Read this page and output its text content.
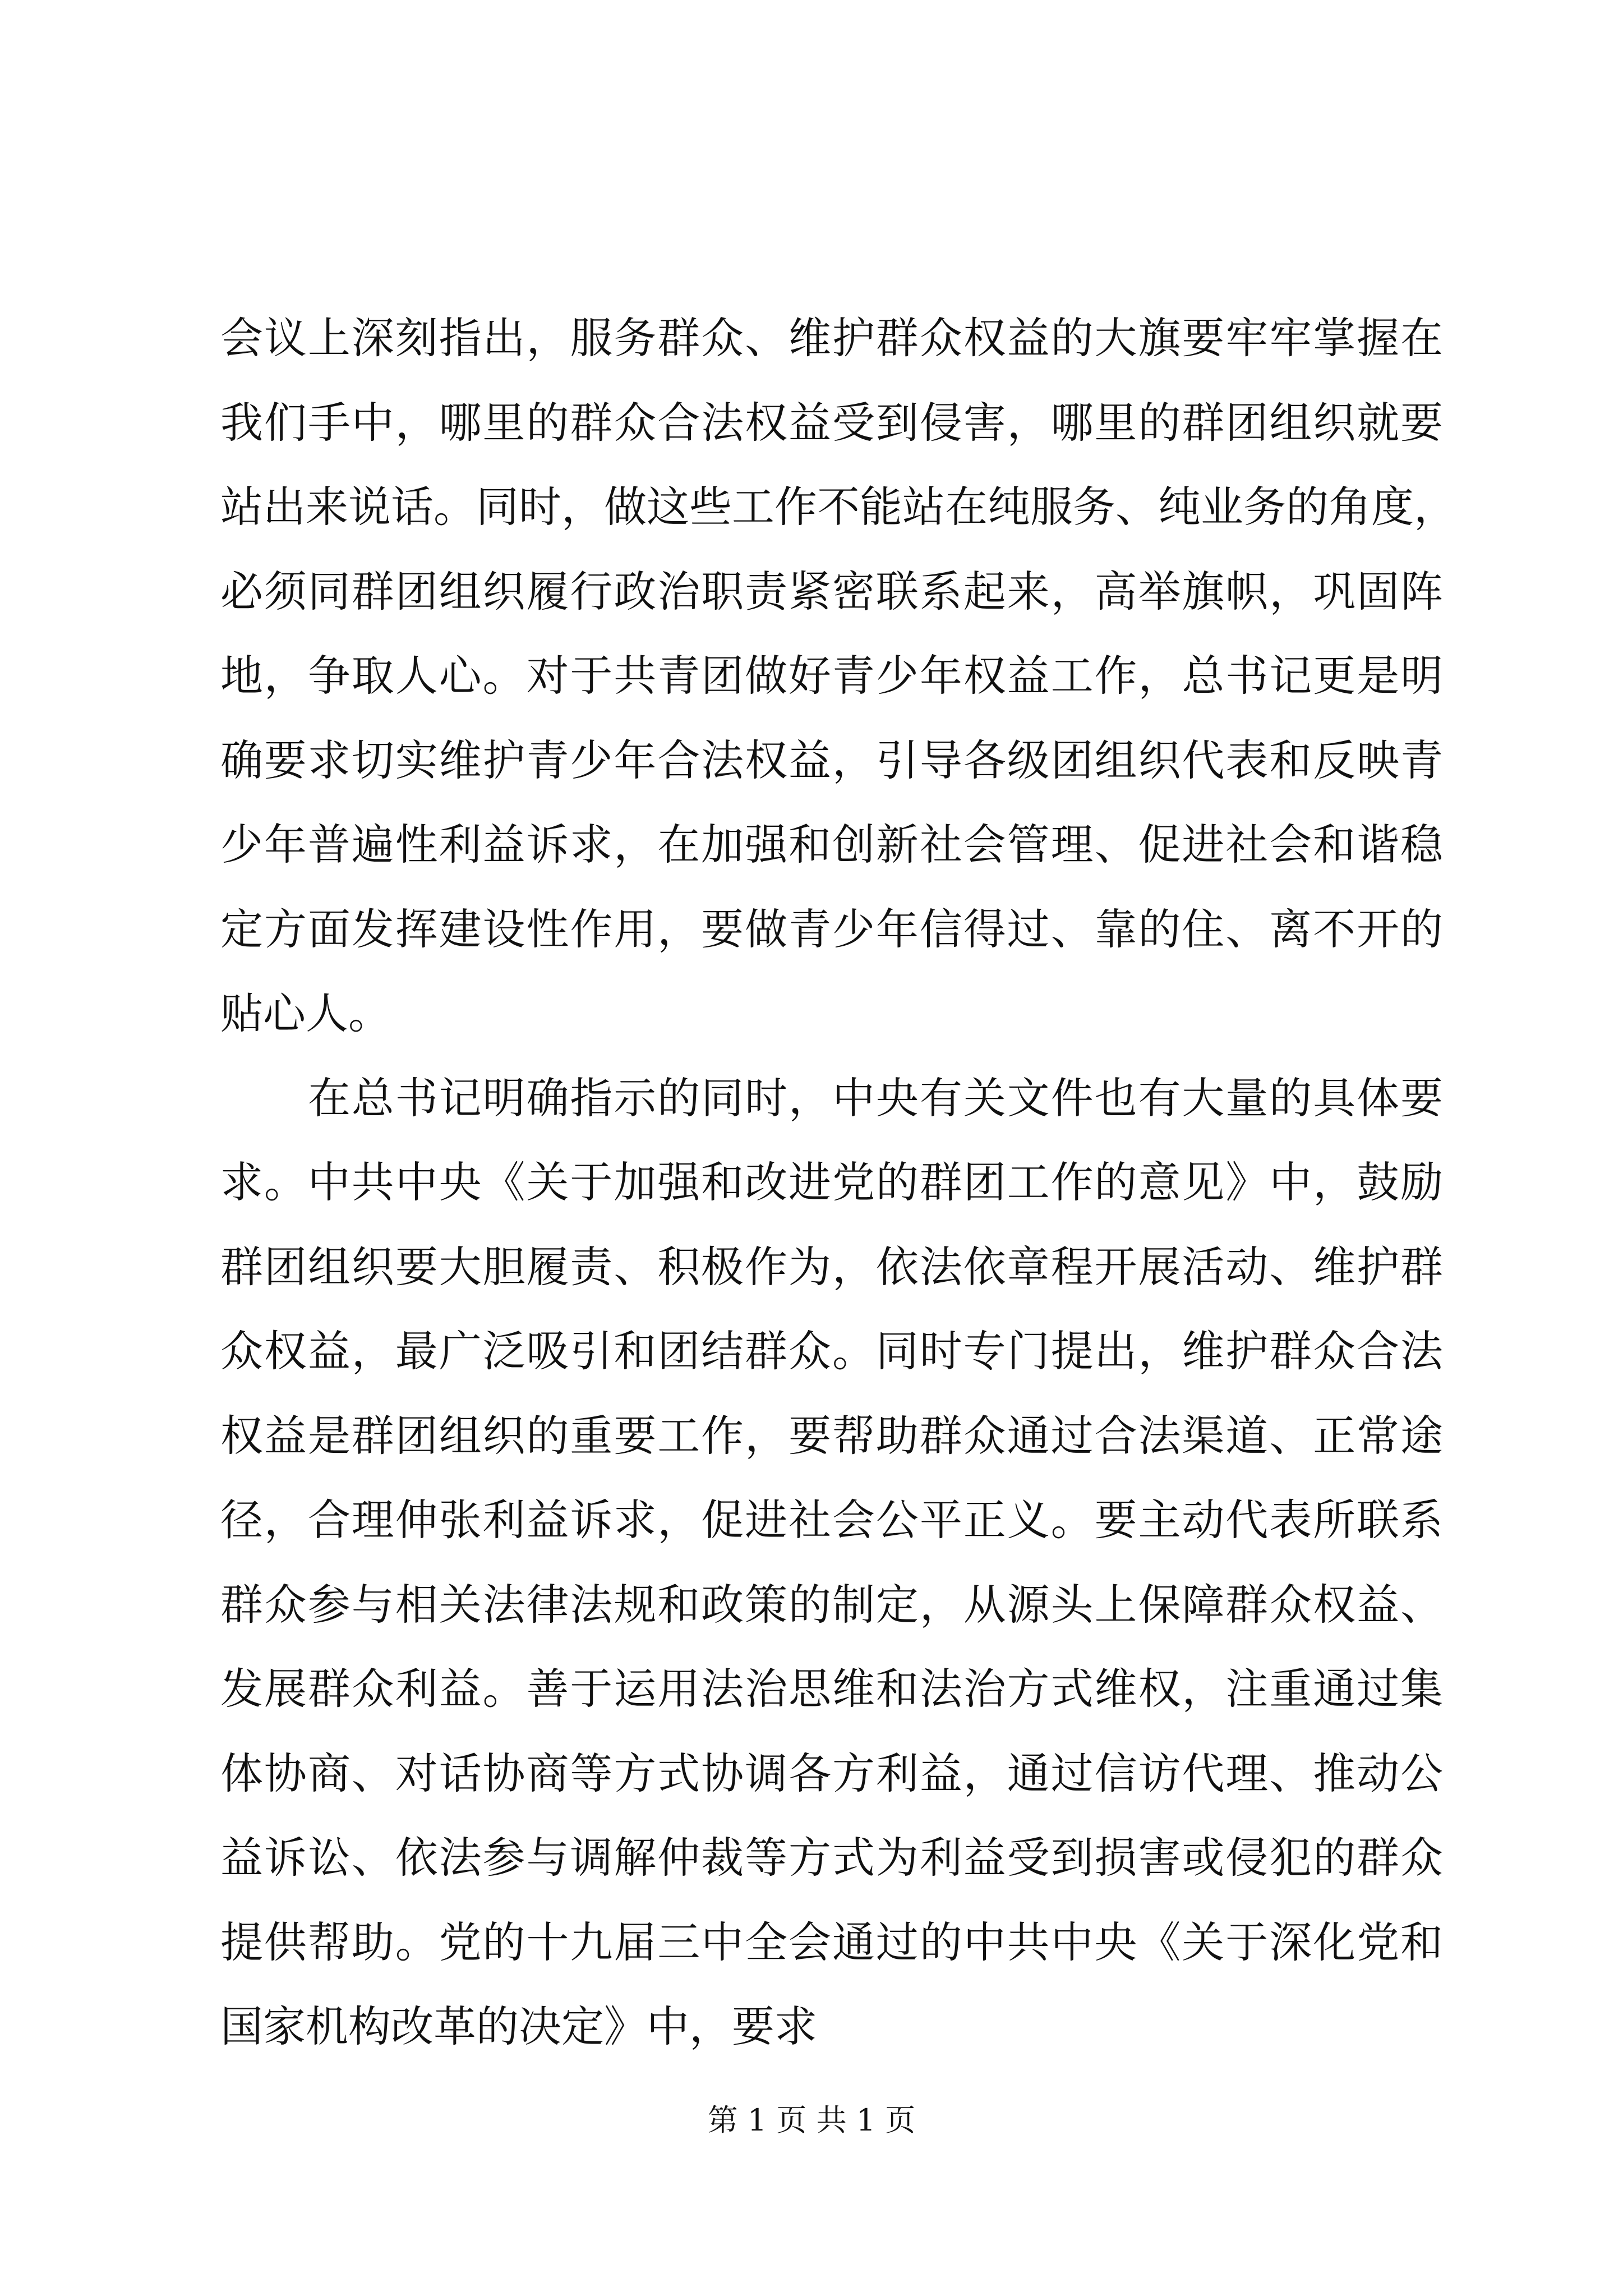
会议上深刻指出，服务群众、维护群众权益的大旗要牢牢掌握在
我们手中，哪里的群众合法权益受到侵害，哪里的群团组织就要
站出来说话。同时，做这些工作不能站在纯服务、纯业务的角度，
必须同群团组织履行政治职责紧密联系起来，高举旗帜，巩固阵
地，争取人心。对于共青团做好青少年权益工作，总书记更是明
确要求切实维护青少年合法权益，引导各级团组织代表和反映青
少年普遍性利益诉求，在加强和创新社会管理、促进社会和谐稳
定方面发挥建设性作用，要做青少年信得过、靠的住、离不开的
贴心人。
　　在总书记明确指示的同时，中央有关文件也有大量的具体要
求。中共中央《关于加强和改进党的群团工作的意见》中，鼓励
群团组织要大胆履责、积极作为，依法依章程开展活动、维护群
众权益，最广泛吸引和团结群众。同时专门提出，维护群众合法
权益是群团组织的重要工作，要帮助群众通过合法渠道、正常途
径，合理伸张利益诉求，促进社会公平正义。要主动代表所联系
群众参与相关法律法规和政策的制定，从源头上保障群众权益、
发展群众利益。善于运用法治思维和法治方式维权，注重通过集
体协商、对话协商等方式协调各方利益，通过信访代理、推动公
益诉讼、依法参与调解仲裁等方式为利益受到损害或侵犯的群众
提供帮助。党的十九届三中全会通过的中共中央《关于深化党和
国家机构改革的决定》中，要求
第 1 页 共 1 页
